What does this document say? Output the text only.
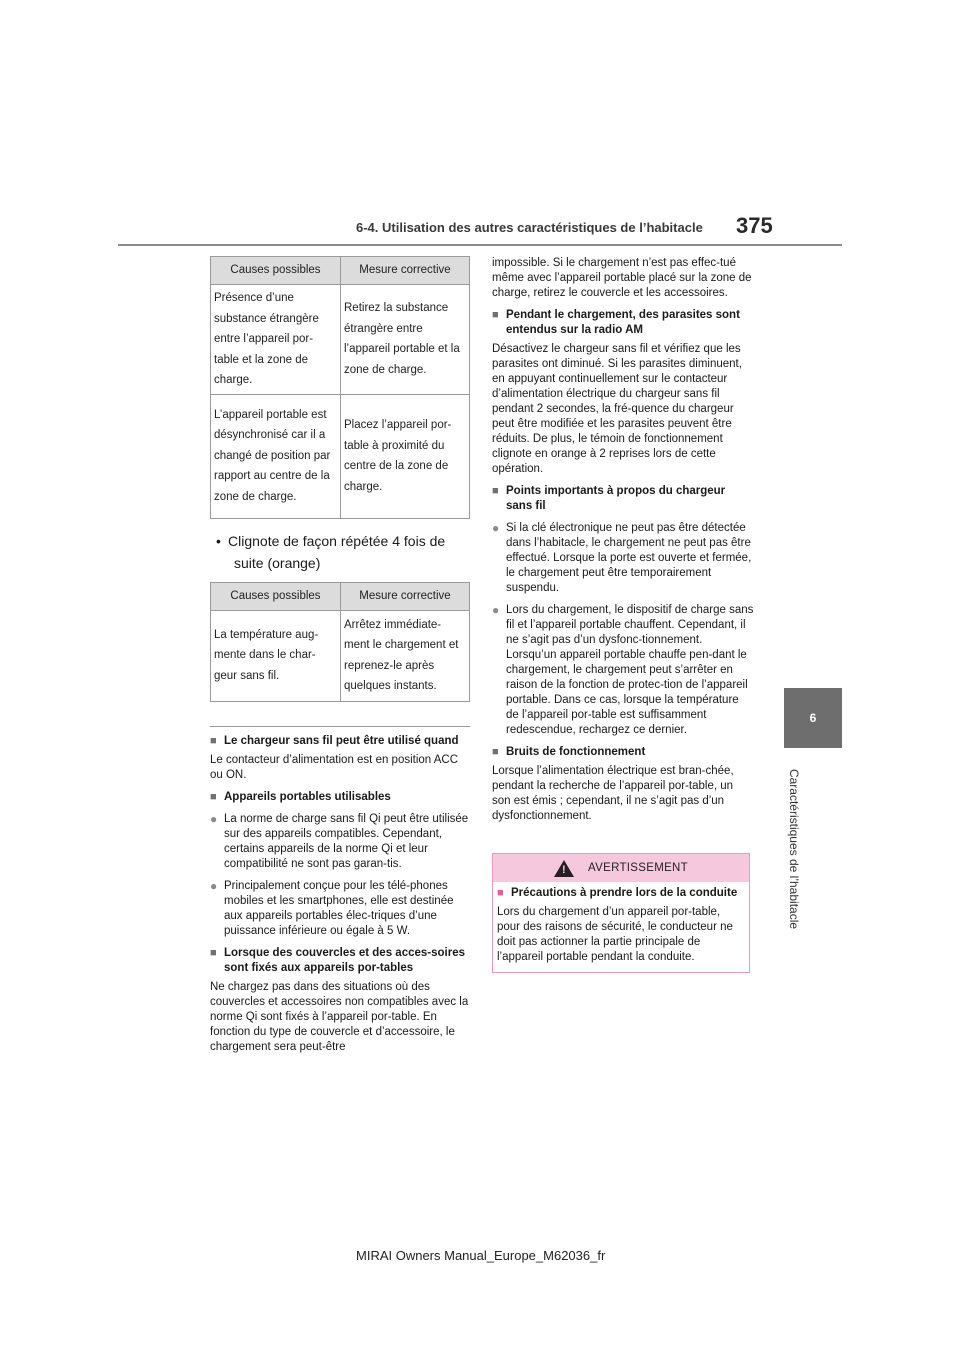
6-4. Utilisation des autres caractéristiques de l’habitacle 375
6
Caractéristiques de l’habitacle
Causes possibles	Mesure corrective
Présence d’une substance étrangère entre l’appareil por-table et la zone de charge.	Retirez la substance étrangère entre l’appareil portable et la zone de charge.
L’appareil portable est désynchronisé car il a changé de position par rapport au centre de la zone de charge.	Placez l’appareil por-table à proximité du centre de la zone de charge.
• Clignote de façon répétée 4 fois de
suite (orange)
Causes possibles	Mesure corrective
La température aug-mente dans le char-geur sans fil.	Arrêtez immédiate-ment le chargement et reprenez-le après quelques instants.
■ Le chargeur sans fil peut être utilisé quand
Le contacteur d’alimentation est en position ACC ou ON.
■ Appareils portables utilisables
● La norme de charge sans fil Qi peut être utilisée sur des appareils compatibles. Cependant, certains appareils de la norme Qi et leur compatibilité ne sont pas garan-tis.
● Principalement conçue pour les télé-phones mobiles et les smartphones, elle est destinée aux appareils portables élec-triques d’une puissance inférieure ou égale à 5 W.
■ Lorsque des couvercles et des acces-soires sont fixés aux appareils por-tables
Ne chargez pas dans des situations où des couvercles et accessoires non compatibles avec la norme Qi sont fixés à l’appareil por-table. En fonction du type de couvercle et d’accessoire, le chargement sera peut-être
impossible. Si le chargement n’est pas effec-tué même avec l’appareil portable placé sur la zone de charge, retirez le couvercle et les accessoires.
■ Pendant le chargement, des parasites sont entendus sur la radio AM
Désactivez le chargeur sans fil et vérifiez que les parasites ont diminué. Si les parasites diminuent, en appuyant continuellement sur le contacteur d’alimentation électrique du chargeur sans fil pendant 2 secondes, la fré-quence du chargeur peut être modifiée et les parasites peuvent être réduits. De plus, le témoin de fonctionnement clignote en orange à 2 reprises lors de cette opération.
■ Points importants à propos du chargeur sans fil
● Si la clé électronique ne peut pas être détectée dans l’habitacle, le chargement ne peut pas être effectué. Lorsque la porte est ouverte et fermée, le chargement peut être temporairement suspendu.
● Lors du chargement, le dispositif de charge sans fil et l’appareil portable chauffent. Cependant, il ne s’agit pas d’un dysfonc-tionnement.
Lorsqu’un appareil portable chauffe pen-dant le chargement, le chargement peut s’arrêter en raison de la fonction de protec-tion de l’appareil portable. Dans ce cas, lorsque la température de l’appareil por-table est suffisamment redescendue, rechargez ce dernier.
■ Bruits de fonctionnement
Lorsque l’alimentation électrique est bran-chée, pendant la recherche de l’appareil por-table, un son est émis ; cependant, il ne s’agit pas d’un dysfonctionnement.
! AVERTISSEMENT
■ Précautions à prendre lors de la conduite
Lors du chargement d’un appareil por-table, pour des raisons de sécurité, le conducteur ne doit pas actionner la partie principale de l’appareil portable pendant la conduite.
MIRAI Owners Manual_Europe_M62036_fr
